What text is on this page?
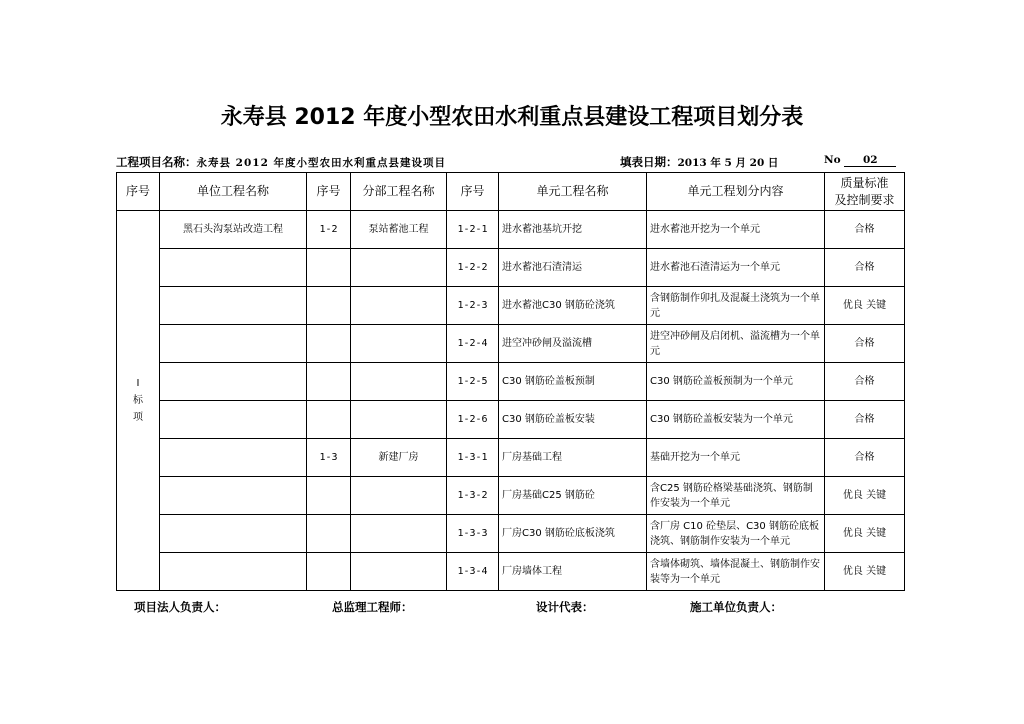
永寿县 2012 年度小型农田水利重点县建设工程项目划分表
工程项目名称：永寿县 2012 年度小型农田水利重点县建设项目	填表日期：2013 年 5 月 20 日	No 02
序号	单位工程名称	序号	分部工程名称	序号	单元工程名称	单元工程划分内容	质量标准
及控制要求

Ⅰ
标
项	黑石头沟泵站改造工程	1-2	泵站蓄池工程	1-2-1	进水蓄池基坑开挖	进水蓄池开挖为一个单元	合格
				1-2-2	进水蓄池石渣清运	进水蓄池石渣清运为一个单元	合格
				1-2-3	进水蓄池C30 钢筋砼浇筑	含钢筋制作卯扎及混凝土浇筑为一个单元	优良 关键
				1-2-4	进空冲砂闸及溢流槽	进空冲砂闸及启闭机、溢流槽为一个单元	合格
				1-2-5	C30 钢筋砼盖板预制	C30 钢筋砼盖板预制为一个单元	合格
				1-2-6	C30 钢筋砼盖板安装	C30 钢筋砼盖板安装为一个单元	合格
		1-3	新建厂房	1-3-1	厂房基础工程	基础开挖为一个单元	合格
				1-3-2	厂房基础C25 钢筋砼	含C25 钢筋砼格梁基础浇筑、钢筋制作安装为一个单元	优良 关键
				1-3-3	厂房C30 钢筋砼底板浇筑	含厂房 C10 砼垫层、C30 钢筋砼底板浇筑、钢筋制作安装为一个单元	优良 关键
				1-3-4	厂房墙体工程	含墙体砌筑、墙体混凝土、钢筋制作安装等为一个单元	优良 关键
项目法人负责人：	总监理工程师：	设计代表：	施工单位负责人：
